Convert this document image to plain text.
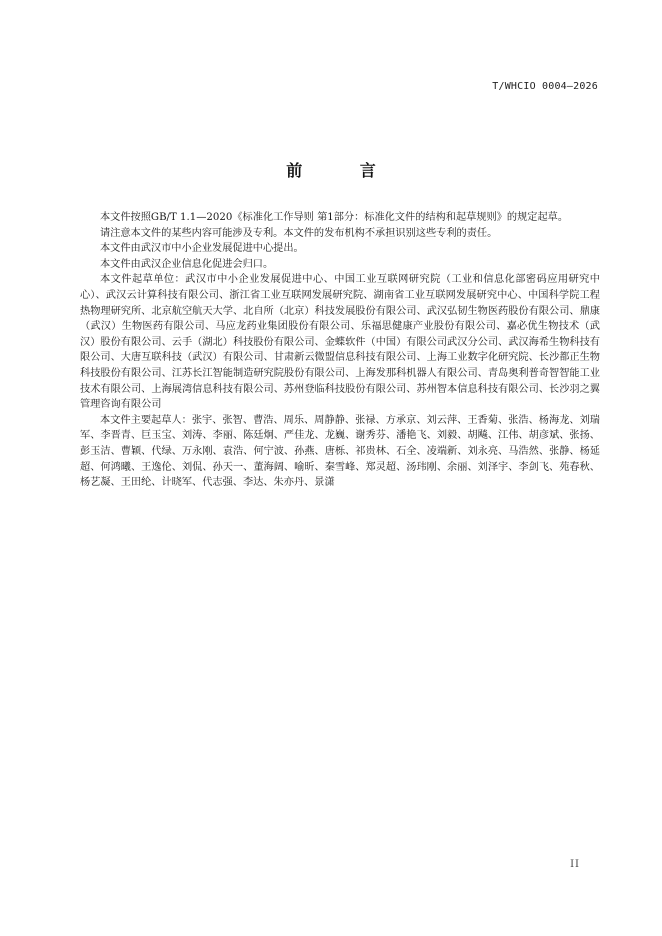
T/WHCIO 0004—2026
前 言

本文件按照GB/T 1.1—2020《标准化工作导则 第1部分：标准化文件的结构和起草规则》的规定起草。

请注意本文件的某些内容可能涉及专利。本文件的发布机构不承担识别这些专利的责任。

本文件由武汉市中小企业发展促进中心提出。

本文件由武汉企业信息化促进会归口。

本文件起草单位：武汉市中小企业发展促进中心、中国工业互联网研究院（工业和信息化部密码应用研究中心）、武汉云计算科技有限公司、浙江省工业互联网发展研究院、湖南省工业互联网发展研究中心、中国科学院工程热物理研究所、北京航空航天大学、北自所（北京）科技发展股份有限公司、武汉弘韧生物医药股份有限公司、鼎康（武汉）生物医药有限公司、马应龙药业集团股份有限公司、乐福思健康产业股份有限公司、嘉必优生物技术（武汉）股份有限公司、云手（湖北）科技股份有限公司、金蝶软件（中国）有限公司武汉分公司、武汉海希生物科技有限公司、大唐互联科技（武汉）有限公司、甘肃新云微盟信息科技有限公司、上海工业数字化研究院、长沙都正生物科技股份有限公司、江苏长江智能制造研究院股份有限公司、上海发那科机器人有限公司、青岛奥利普奇智智能工业技术有限公司、上海展湾信息科技有限公司、苏州登临科技股份有限公司、苏州智本信息科技有限公司、长沙羽之翼管理咨询有限公司

本文件主要起草人：张宇、张智、曹浩、周乐、周静静、张禄、方承京、刘云萍、王香菊、张浩、杨海龙、刘瑞军、李晋青、巨玉宝、刘涛、李丽、陈廷炯、严佳龙、龙巍、谢秀芬、潘艳飞、刘毅、胡飚、江伟、胡彦斌、张扬、彭玉洁、曹颖、代绿、万永刚、袁浩、何宁波、孙燕、唐栎、祁贵林、石全、凌端新、刘永亮、马浩然、张静、杨延超、何鸿曦、王逸伦、刘侃、孙天一、董海阔、喻昕、秦雪峰、郑灵超、汤玮刚、余丽、刘泽宇、李剑飞、苑春秋、杨艺凝、王田纶、计晓军、代志强、李达、朱亦丹、景潇

II
